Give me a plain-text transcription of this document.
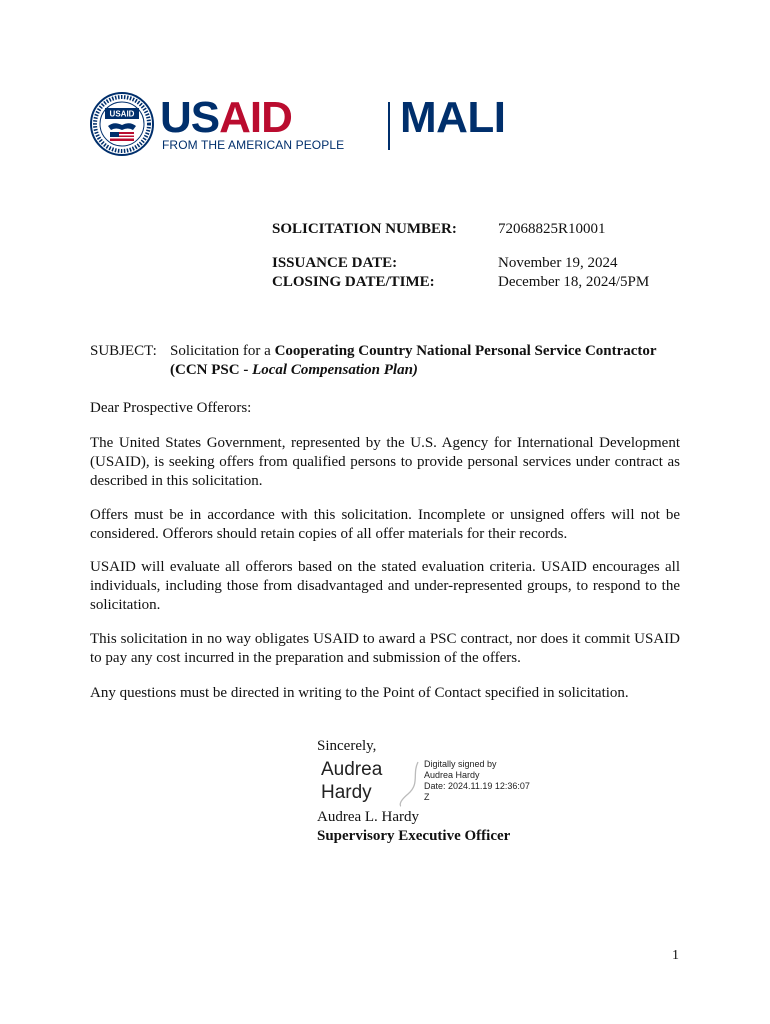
USAID USAID
FROM THE AMERICAN PEOPLE
MALI
SOLICITATION NUMBER:	72068825R10001
ISSUANCE DATE:	November 19, 2024
CLOSING DATE/TIME:	December 18, 2024/5PM
SUBJECT: Solicitation for a Cooperating Country National Personal Service Contractor
(CCN PSC - Local Compensation Plan)
Dear Prospective Offerors:
The United States Government, represented by the U.S. Agency for International Development (USAID), is seeking offers from qualified persons to provide personal services under contract as described in this solicitation.
Offers must be in accordance with this solicitation. Incomplete or unsigned offers will not be considered. Offerors should retain copies of all offer materials for their records.
USAID will evaluate all offerors based on the stated evaluation criteria. USAID encourages all individuals, including those from disadvantaged and under-represented groups, to respond to the solicitation.
This solicitation in no way obligates USAID to award a PSC contract, nor does it commit USAID to pay any cost incurred in the preparation and submission of the offers.
Any questions must be directed in writing to the Point of Contact specified in solicitation.
Sincerely,
Audrea
Hardy
Digitally signed by
Audrea Hardy
Date: 2024.11.19 12:36:07
Z
Audrea L. Hardy
Supervisory Executive Officer
1
